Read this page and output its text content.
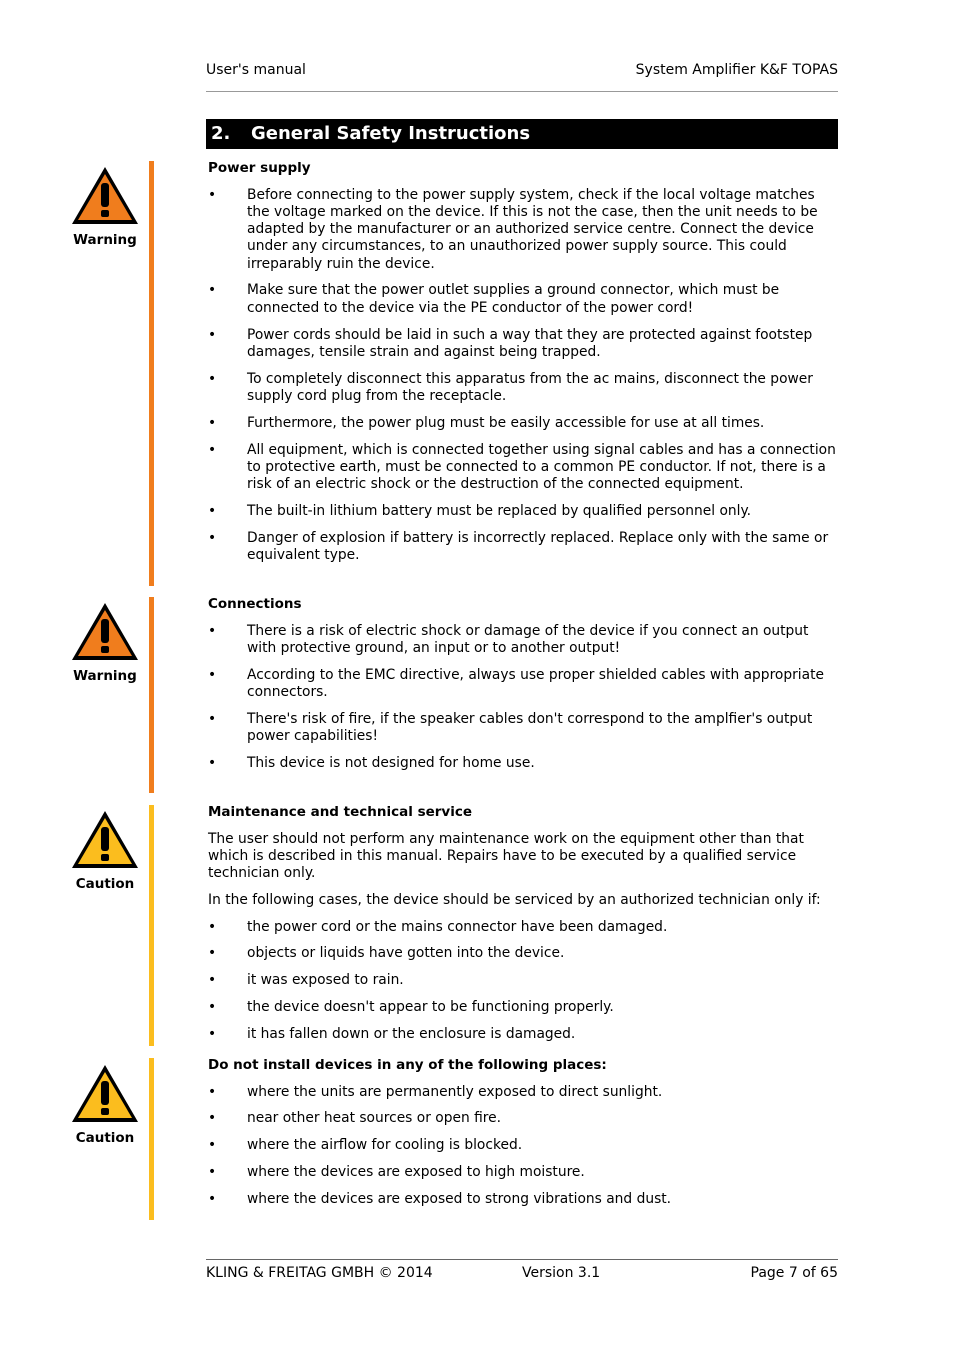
User's manual	System Amplifier K&F TOPAS
2. General Safety Instructions
Warning
Warning
Caution
Caution
Power supply
• Before connecting to the power supply system, check if the local voltage matches the voltage marked on the device. If this is not the case, then the unit needs to be adapted by the manufacturer or an authorized service centre. Connect the device under any circumstances, to an unauthorized power supply source. This could irreparably ruin the device.
• Make sure that the power outlet supplies a ground connector, which must be connected to the device via the PE conductor of the power cord!
• Power cords should be laid in such a way that they are protected against footstep damages, tensile strain and against being trapped.
• To completely disconnect this apparatus from the ac mains, disconnect the power supply cord plug from the receptacle.
• Furthermore, the power plug must be easily accessible for use at all times.
• All equipment, which is connected together using signal cables and has a connection to protective earth, must be connected to a common PE conductor. If not, there is a risk of an electric shock or the destruction of the connected equipment.
• The built-in lithium battery must be replaced by qualified personnel only.
• Danger of explosion if battery is incorrectly replaced. Replace only with the same or equivalent type.
Connections
• There is a risk of electric shock or damage of the device if you connect an output with protective ground, an input or to another output!
• According to the EMC directive, always use proper shielded cables with appropriate connectors.
• There's risk of fire, if the speaker cables don't correspond to the amplfier's output power capabilities!
• This device is not designed for home use.
Maintenance and technical service

The user should not perform any maintenance work on the equipment other than that which is described in this manual. Repairs have to be executed by a qualified service technician only.

In the following cases, the device should be serviced by an authorized technician only if:

• the power cord or the mains connector have been damaged.
• objects or liquids have gotten into the device.
• it was exposed to rain.
• the device doesn't appear to be functioning properly.
• it has fallen down or the enclosure is damaged.
Do not install devices in any of the following places:
• where the units are permanently exposed to direct sunlight.
• near other heat sources or open fire.
• where the airflow for cooling is blocked.
• where the devices are exposed to high moisture.
• where the devices are exposed to strong vibrations and dust.
KLING & FREITAG GMBH © 2014	Version 3.1	Page 7 of 65
